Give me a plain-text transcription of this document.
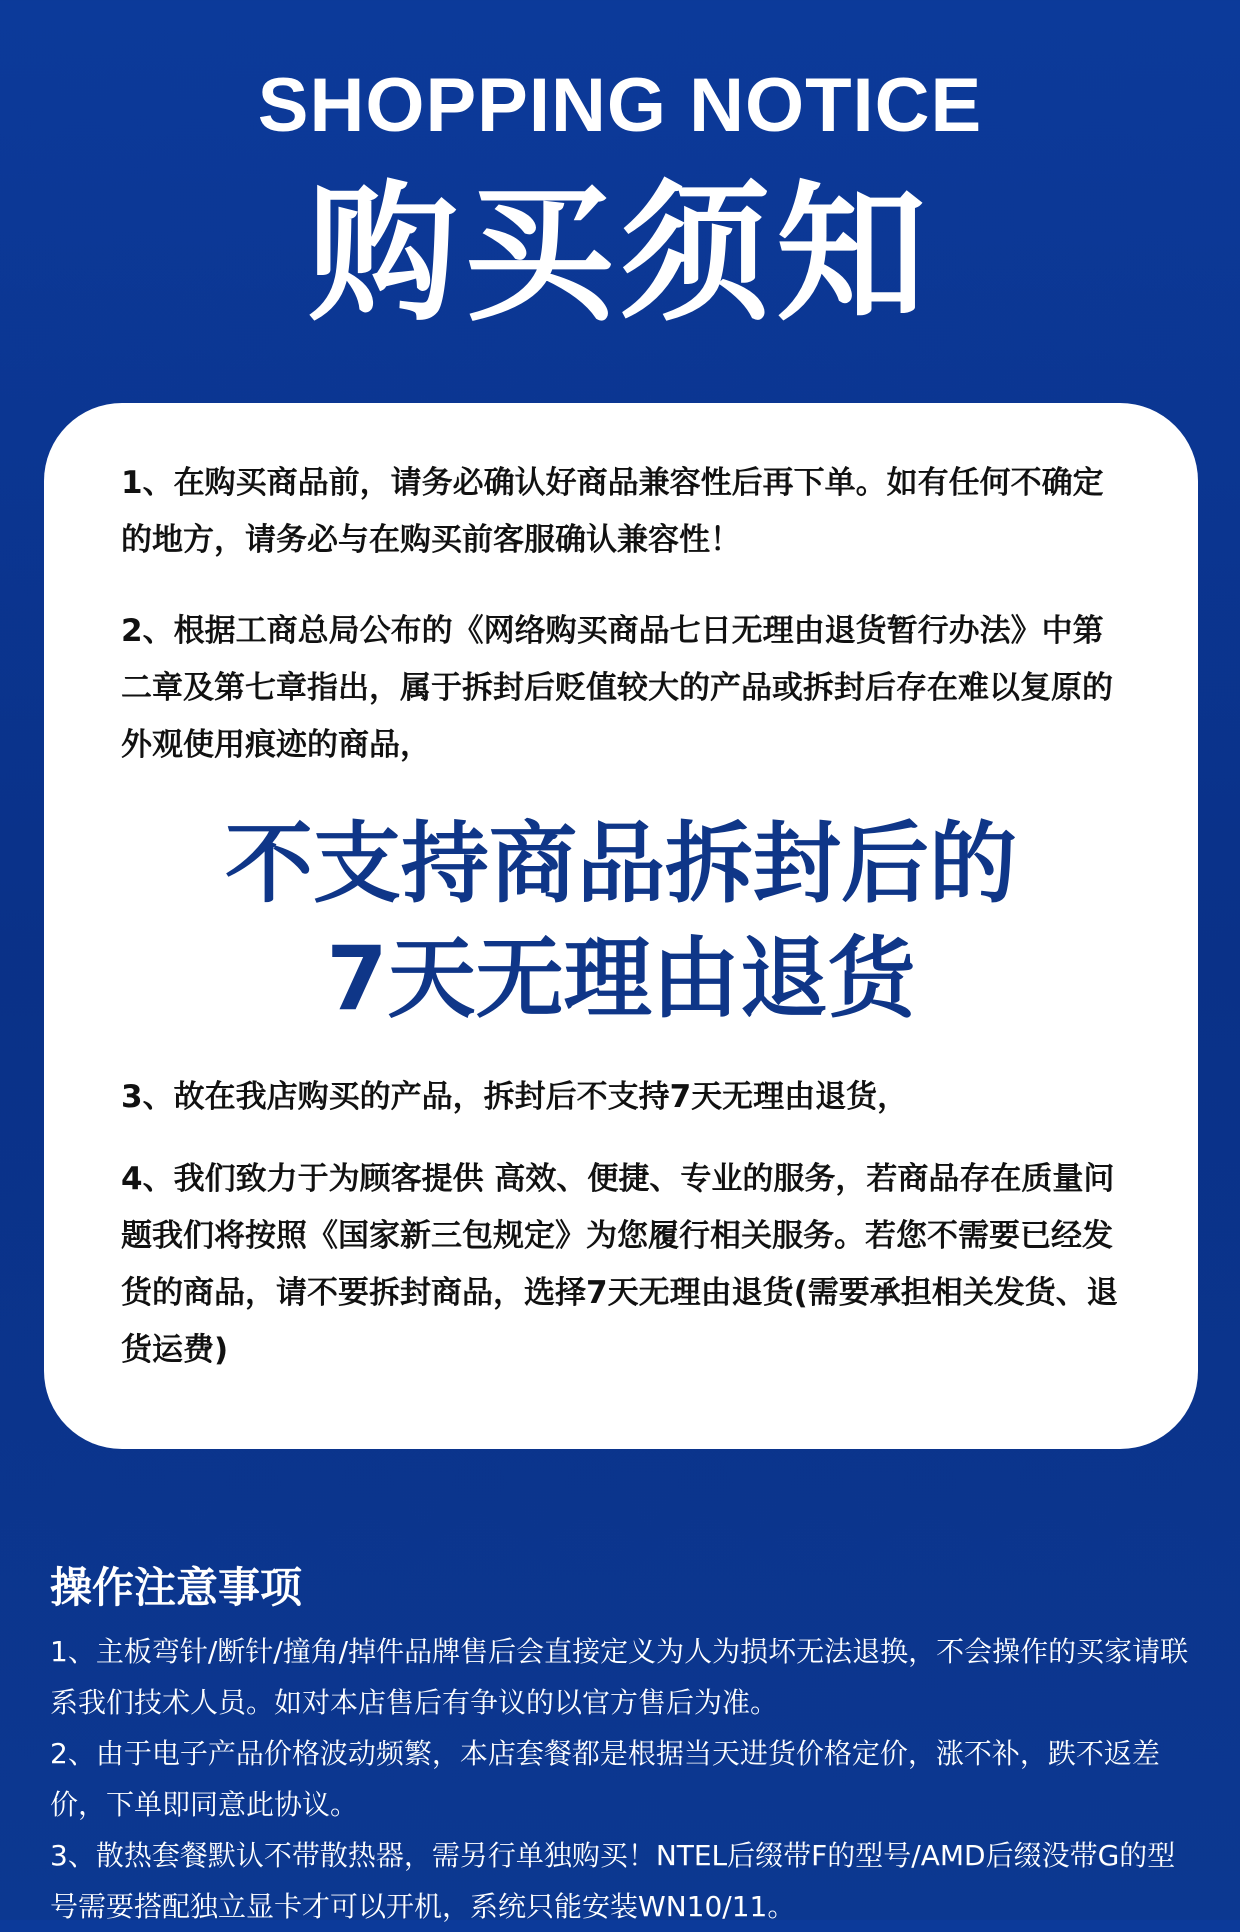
SHOPPING NOTICE
购买须知

1、在购买商品前，请务必确认好商品兼容性后再下单。如有任何不确定的地方，请务必与在购买前客服确认兼容性！

2、根据工商总局公布的《网络购买商品七日无理由退货暂行办法》中第二章及第七章指出，属于拆封后贬值较大的产品或拆封后存在难以复原的外观使用痕迹的商品，

不支持商品拆封后的
7天无理由退货

3、故在我店购买的产品，拆封后不支持7天无理由退货，

4、我们致力于为顾客提供 高效、便捷、专业的服务，若商品存在质量问题我们将按照《国家新三包规定》为您履行相关服务。若您不需要已经发货的商品，请不要拆封商品，选择7天无理由退货(需要承担相关发货、退货运费)

操作注意事项

1、主板弯针/断针/撞角/掉件品牌售后会直接定义为人为损坏无法退换，不会操作的买家请联系我们技术人员。如对本店售后有争议的以官方售后为准。

2、由于电子产品价格波动频繁，本店套餐都是根据当天进货价格定价，涨不补，跌不返差价，下单即同意此协议。

3、散热套餐默认不带散热器，需另行单独购买！NTEL后缀带F的型号/AMD后缀没带G的型号需要搭配独立显卡才可以开机，系统只能安装WN10/11。
